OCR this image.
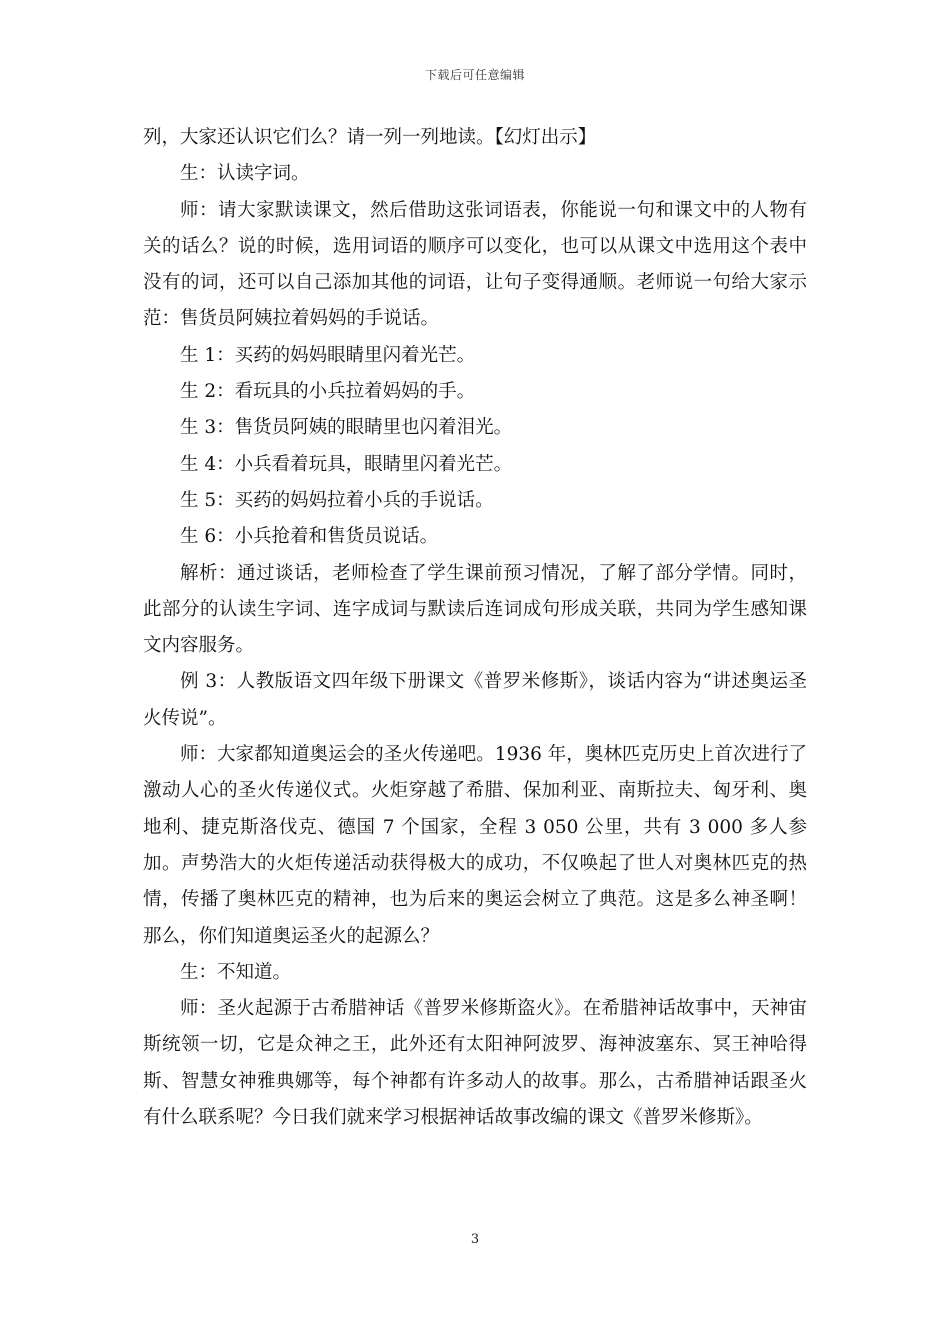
下载后可任意编辑

列，大家还认识它们么？请一列一列地读。【幻灯出示】

生：认读字词。

师：请大家默读课文，然后借助这张词语表，你能说一句和课文中的人物有关的话么？说的时候，选用词语的顺序可以变化，也可以从课文中选用这个表中没有的词，还可以自己添加其他的词语，让句子变得通顺。老师说一句给大家示范：售货员阿姨拉着妈妈的手说话。

生 1：买药的妈妈眼睛里闪着光芒。

生 2：看玩具的小兵拉着妈妈的手。

生 3：售货员阿姨的眼睛里也闪着泪光。

生 4：小兵看着玩具，眼睛里闪着光芒。

生 5：买药的妈妈拉着小兵的手说话。

生 6：小兵抢着和售货员说话。

解析：通过谈话，老师检查了学生课前预习情况，了解了部分学情。同时，此部分的认读生字词、连字成词与默读后连词成句形成关联，共同为学生感知课文内容服务。

例 3：人教版语文四年级下册课文《普罗米修斯》，谈话内容为“讲述奥运圣火传说”。

师：大家都知道奥运会的圣火传递吧。1936 年，奥林匹克历史上首次进行了激动人心的圣火传递仪式。火炬穿越了希腊、保加利亚、南斯拉夫、匈牙利、奥地利、捷克斯洛伐克、德国 7 个国家，全程 3 050 公里，共有 3 000 多人参加。声势浩大的火炬传递活动获得极大的成功，不仅唤起了世人对奥林匹克的热情，传播了奥林匹克的精神，也为后来的奥运会树立了典范。这是多么神圣啊！那么，你们知道奥运圣火的起源么？

生：不知道。

师：圣火起源于古希腊神话《普罗米修斯盗火》。在希腊神话故事中，天神宙斯统领一切，它是众神之王，此外还有太阳神阿波罗、海神波塞东、冥王神哈得斯、智慧女神雅典娜等，每个神都有许多动人的故事。那么，古希腊神话跟圣火有什么联系呢？今日我们就来学习根据神话故事改编的课文《普罗米修斯》。

3
